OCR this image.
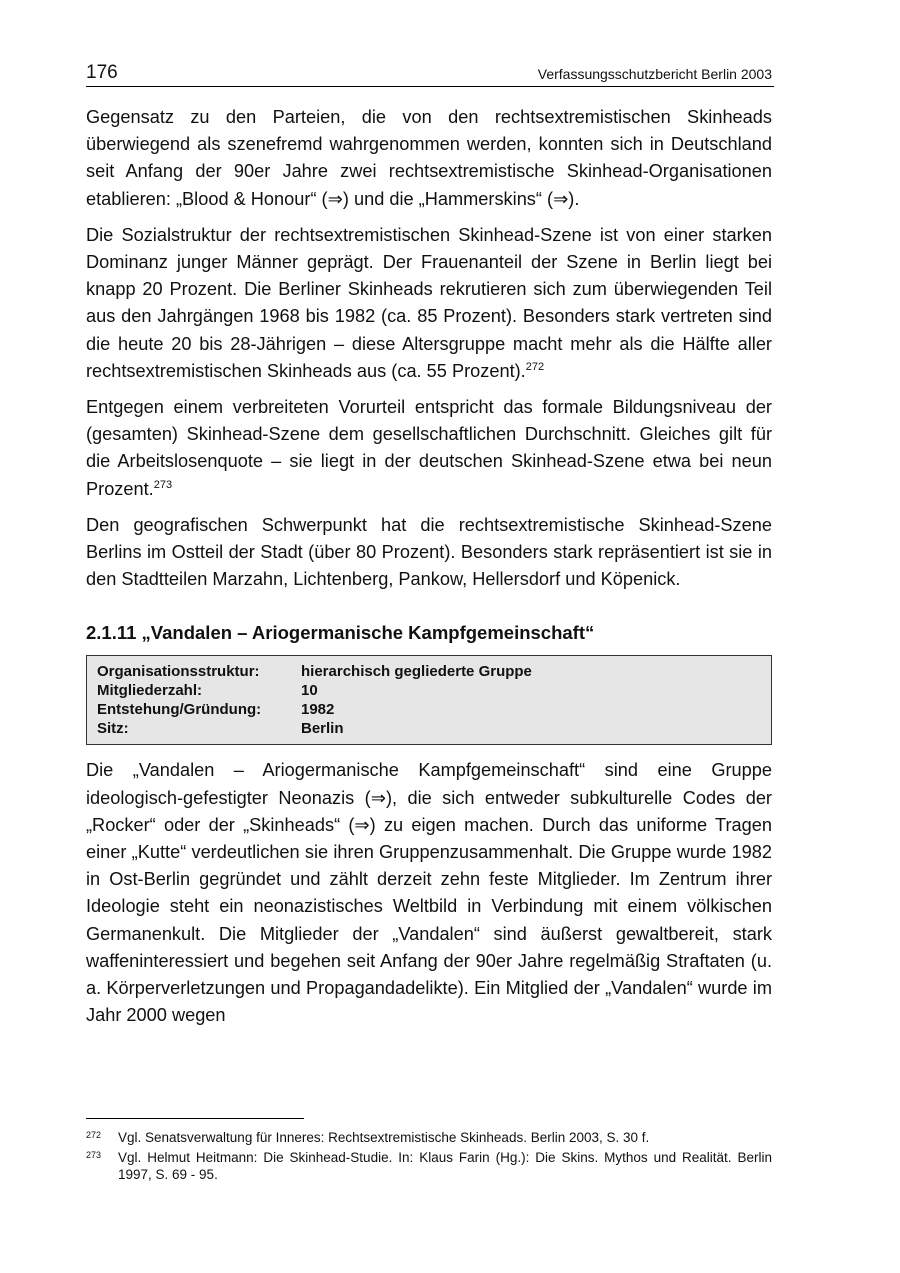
176	Verfassungsschutzbericht Berlin 2003

Gegensatz zu den Parteien, die von den rechtsextremistischen Skinheads überwiegend als szenefremd wahrgenommen werden, konnten sich in Deutschland seit Anfang der 90er Jahre zwei rechtsextremistische Skinhead-Organisationen etablieren: „Blood & Honour“ (⇒) und die „Hammerskins“ (⇒).

Die Sozialstruktur der rechtsextremistischen Skinhead-Szene ist von einer starken Dominanz junger Männer geprägt. Der Frauenanteil der Szene in Berlin liegt bei knapp 20 Prozent. Die Berliner Skinheads rekrutieren sich zum überwiegenden Teil aus den Jahrgängen 1968 bis 1982 (ca. 85 Prozent). Besonders stark vertreten sind die heute 20 bis 28-Jährigen – diese Altersgruppe macht mehr als die Hälfte aller rechtsextremistischen Skinheads aus (ca. 55 Prozent).$^{272}$

Entgegen einem verbreiteten Vorurteil entspricht das formale Bildungsniveau der (gesamten) Skinhead-Szene dem gesellschaftlichen Durchschnitt. Gleiches gilt für die Arbeitslosenquote – sie liegt in der deutschen Skinhead-Szene etwa bei neun Prozent.$^{273}$

Den geografischen Schwerpunkt hat die rechtsextremistische Skinhead-Szene Berlins im Ostteil der Stadt (über 80 Prozent). Besonders stark repräsentiert ist sie in den Stadtteilen Marzahn, Lichtenberg, Pankow, Hellersdorf und Köpenick.

2.1.11 „Vandalen – Ariogermanische Kampfgemeinschaft“
Organisationsstruktur:	hierarchisch gegliederte Gruppe
Mitgliederzahl:	10
Entstehung/Gründung:	1982
Sitz:	Berlin

Die „Vandalen – Ariogermanische Kampfgemeinschaft“ sind eine Gruppe ideologisch-gefestigter Neonazis (⇒), die sich entweder subkulturelle Codes der „Rocker“ oder der „Skinheads“ (⇒) zu eigen machen. Durch das uniforme Tragen einer „Kutte“ verdeutlichen sie ihren Gruppenzusammenhalt. Die Gruppe wurde 1982 in Ost-Berlin gegründet und zählt derzeit zehn feste Mitglieder. Im Zentrum ihrer Ideologie steht ein neonazistisches Weltbild in Verbindung mit einem völkischen Germanenkult. Die Mitglieder der „Vandalen“ sind äußerst gewaltbereit, stark waffeninteressiert und begehen seit Anfang der 90er Jahre regelmäßig Straftaten (u. a. Körperverletzungen und Propagandadelikte). Ein Mitglied der „Vandalen“ wurde im Jahr 2000 wegen

272	Vgl. Senatsverwaltung für Inneres: Rechtsextremistische Skinheads. Berlin 2003, S. 30 f.
273	Vgl. Helmut Heitmann: Die Skinhead-Studie. In: Klaus Farin (Hg.): Die Skins. Mythos und Realität. Berlin 1997, S. 69 - 95.
